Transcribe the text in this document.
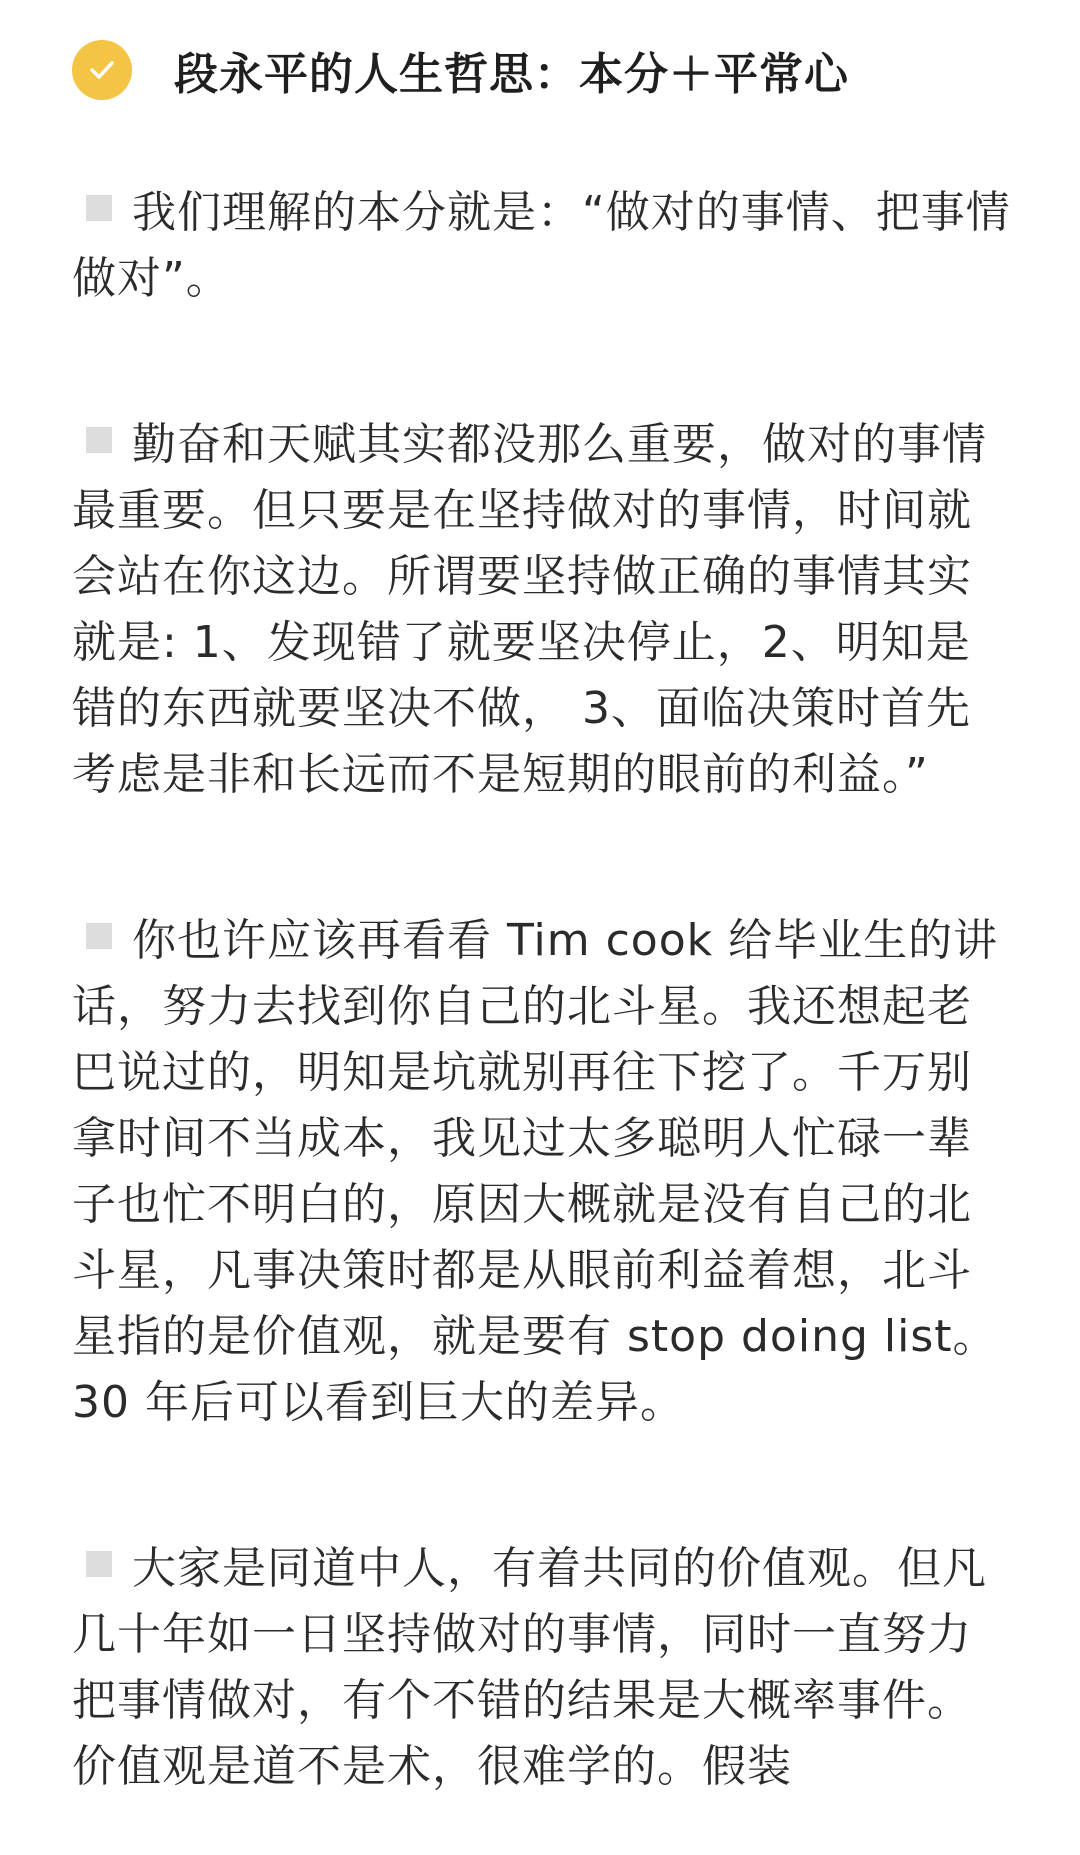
段永平的人生哲思：本分＋平常心

我们理解的本分就是：“做对的事情、把事情做对”。

勤奋和天赋其实都没那么重要，做对的事情最重要。但只要是在坚持做对的事情，时间就会站在你这边。所谓要坚持做正确的事情其实就是: 1、发现错了就要坚决停止，2、明知是错的东西就要坚决不做， 3、面临决策时首先考虑是非和长远而不是短期的眼前的利益。”

你也许应该再看看 Tim cook 给毕业生的讲话，努力去找到你自己的北斗星。我还想起老巴说过的，明知是坑就别再往下挖了。千万别拿时间不当成本，我见过太多聪明人忙碌一辈子也忙不明白的，原因大概就是没有自己的北斗星，凡事决策时都是从眼前利益着想，北斗星指的是价值观，就是要有 stop doing list。30 年后可以看到巨大的差异。

大家是同道中人，有着共同的价值观。但凡几十年如一日坚持做对的事情，同时一直努力把事情做对，有个不错的结果是大概率事件。价值观是道不是术，很难学的。假装
